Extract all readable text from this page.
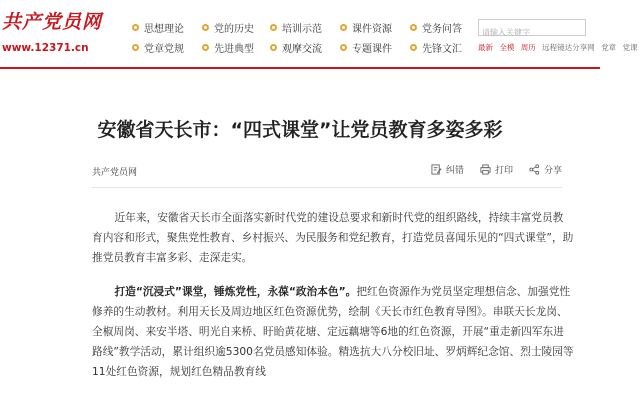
共产党员网
www.12371.cn
思想理论	党的历史	培训示范	课件资源	党务问答
党章党规	先进典型	观摩交流	专题课件	先锋文汇
请输入关键字 最新 全模 周历 远程镜达分享网 党章 党课
安徽省天长市：“四式课堂”让党员教育多姿多彩
共产党员网	纠错	打印	分享

近年来，安徽省天长市全面落实新时代党的建设总要求和新时代党的组织路线，持续丰富党员教育内容和形式，聚焦党性教育、乡村振兴、为民服务和党纪教育，打造党员喜闻乐见的“四式课堂”，助推党员教育丰富多彩、走深走实。

打造“沉浸式”课堂，锤炼党性，永葆“政治本色”。把红色资源作为党员坚定理想信念、加强党性修养的生动教材。利用天长及周边地区红色资源优势，绘制《天长市红色教育导图》。串联天长龙岗、全椒周岗、来安半塔、明光自来桥、盱眙黄花塘、定远藕塘等6地的红色资源，开展“重走新四军东进路线”教学活动，累计组织逾5300名党员感知体验。精选抗大八分校旧址、罗炳辉纪念馆、烈士陵园等11处红色资源，规划红色精品教育线
